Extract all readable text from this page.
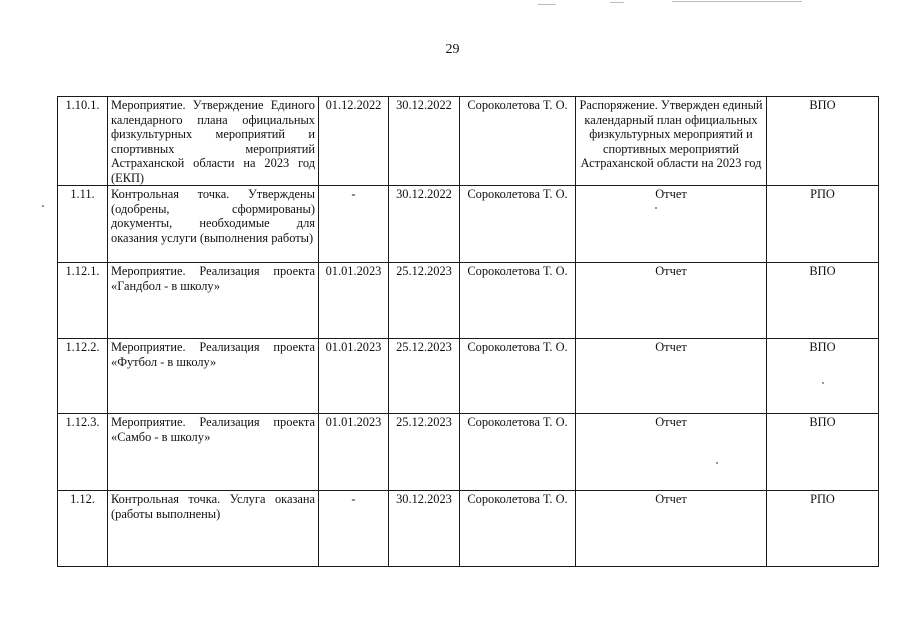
29
1.10.1.	Мероприятие. Утверждение Единого календарного плана официальных физкультурных мероприятий и спортивных мероприятий Астраханской области на 2023 год (ЕКП)	01.12.2022	30.12.2022	Сороколетова Т. О.	Распоряжение. Утвержден единый календарный план официальных физкультурных мероприятий и спортивных мероприятий Астраханской области на 2023 год	ВПО
1.11.	Контрольная точка. Утверждены (одобрены, сформированы) документы, необходимые для оказания услуги (выполнения работы)	-	30.12.2022	Сороколетова Т. О.	Отчет	РПО
1.12.1.	Мероприятие. Реализация проекта «Гандбол - в школу»	01.01.2023	25.12.2023	Сороколетова Т. О.	Отчет	ВПО
1.12.2.	Мероприятие. Реализация проекта «Футбол - в школу»	01.01.2023	25.12.2023	Сороколетова Т. О.	Отчет	ВПО
1.12.3.	Мероприятие. Реализация проекта «Самбо - в школу»	01.01.2023	25.12.2023	Сороколетова Т. О.	Отчет	ВПО
1.12.	Контрольная точка. Услуга оказана (работы выполнены)	-	30.12.2023	Сороколетова Т. О.	Отчет	РПО
